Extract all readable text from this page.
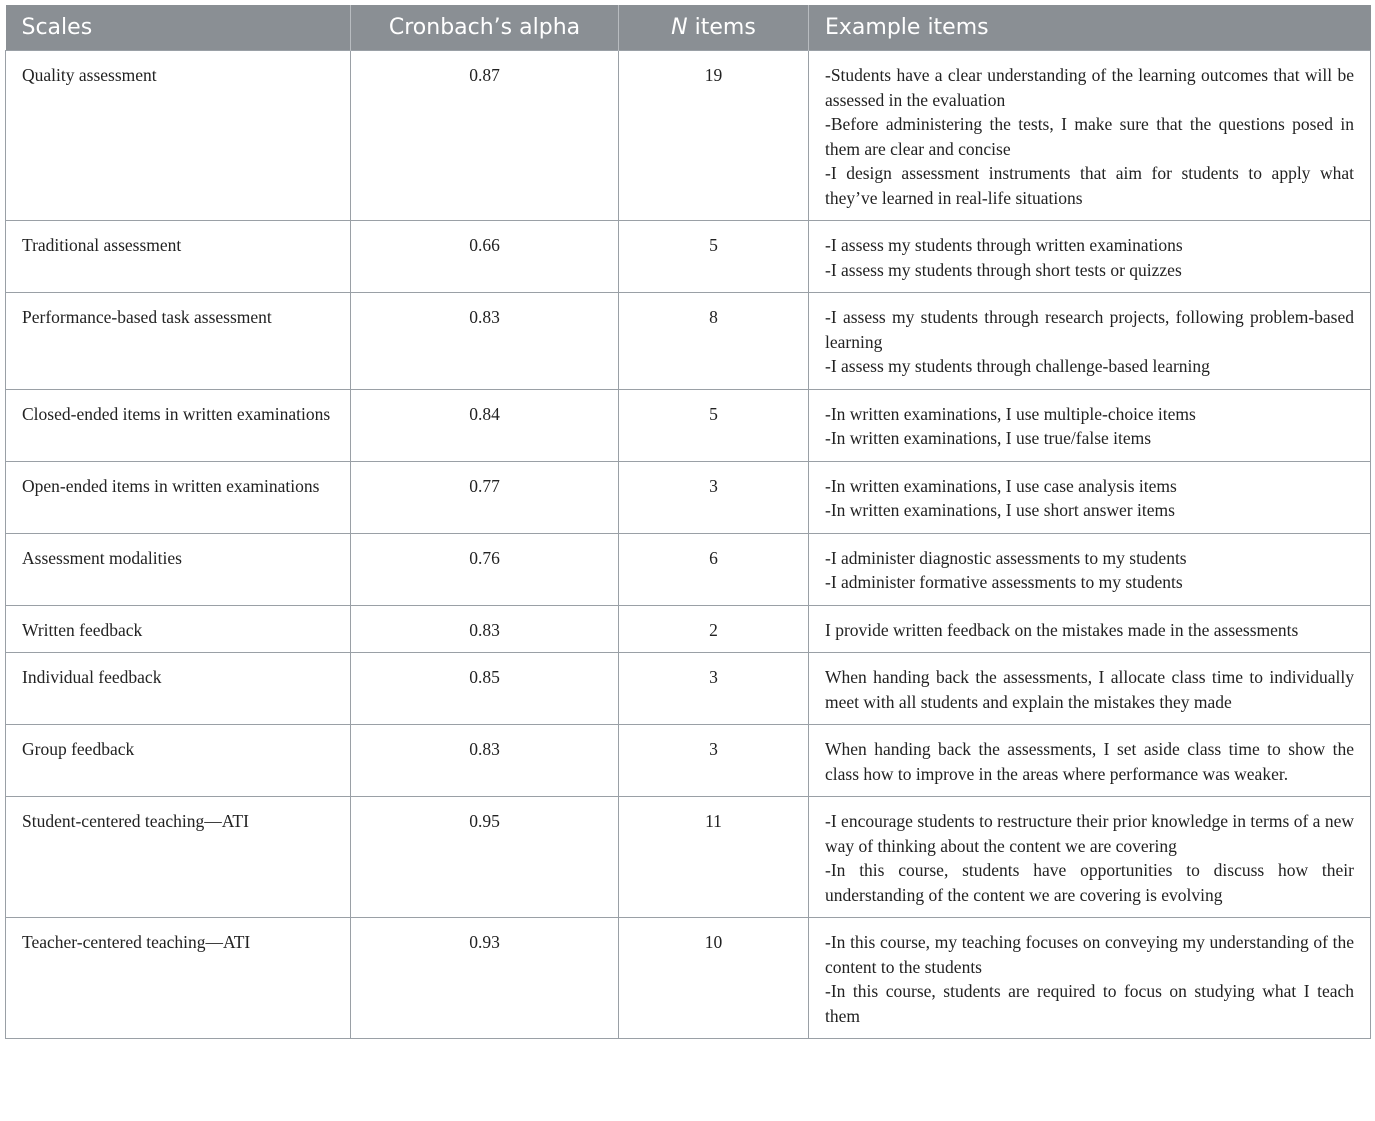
Scales	Cronbach’s alpha	N items	Example items
Quality assessment	0.87	19	-Students have a clear understanding of the learning outcomes that will be assessed in the evaluation
-Before administering the tests, I make sure that the questions posed in them are clear and concise
-I design assessment instruments that aim for students to apply what they’ve learned in real-life situations

Traditional assessment	0.66	5	-I assess my students through written examinations
-I assess my students through short tests or quizzes

Performance-based task assessment	0.83	8	-I assess my students through research projects, following problem-based learning
-I assess my students through challenge-based learning

Closed-ended items in written examinations	0.84	5	-In written examinations, I use multiple-choice items
-In written examinations, I use true/false items

Open-ended items in written examinations	0.77	3	-In written examinations, I use case analysis items
-In written examinations, I use short answer items

Assessment modalities	0.76	6	-I administer diagnostic assessments to my students
-I administer formative assessments to my students

Written feedback	0.83	2	I provide written feedback on the mistakes made in the assessments

Individual feedback	0.85	3	When handing back the assessments, I allocate class time to individually meet with all students and explain the mistakes they made

Group feedback	0.83	3	When handing back the assessments, I set aside class time to show the class how to improve in the areas where performance was weaker.

Student-centered teaching—ATI	0.95	11	-I encourage students to restructure their prior knowledge in terms of a new way of thinking about the content we are covering
-In this course, students have opportunities to discuss how their understanding of the content we are covering is evolving

Teacher-centered teaching—ATI	0.93	10	-In this course, my teaching focuses on conveying my understanding of the content to the students
-In this course, students are required to focus on studying what I teach them
